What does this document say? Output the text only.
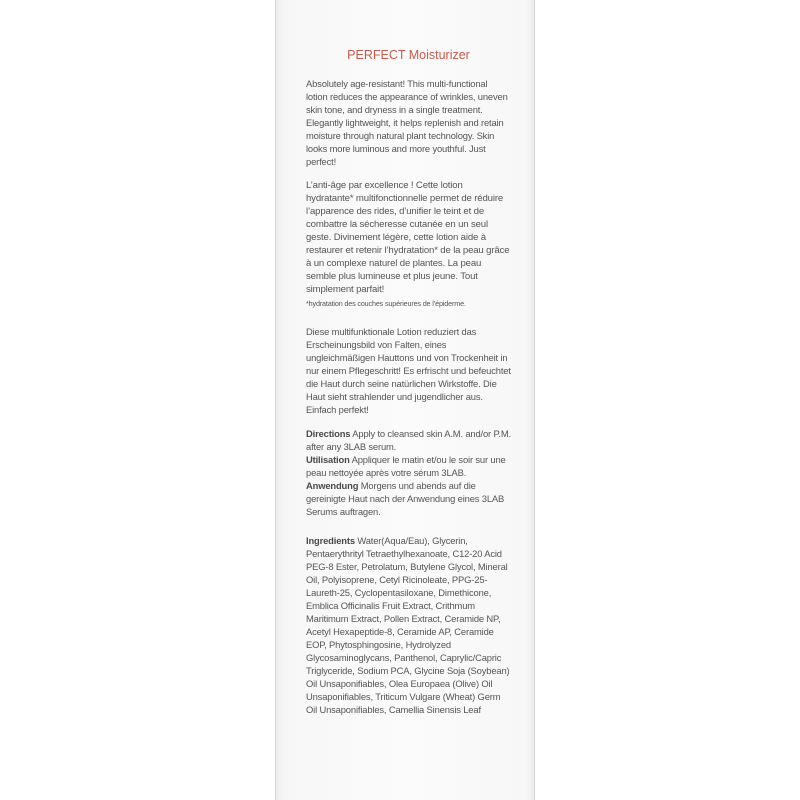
PERFECT Moisturizer

Absolutely age-resistant! This multi-functional lotion reduces the appearance of wrinkles, uneven skin tone, and dryness in a single treatment. Elegantly lightweight, it helps replenish and retain moisture through natural plant technology. Skin looks more luminous and more youthful. Just perfect!

L’anti-âge par excellence ! Cette lotion hydratante* multifonctionnelle permet de réduire l’apparence des rides, d’unifier le teint et de combattre la sécheresse cutanée en un seul geste. Divinement légère, cette lotion aide à restaurer et retenir l’hydratation* de la peau grâce à un complexe naturel de plantes. La peau semble plus lumineuse et plus jeune. Tout simplement parfait!

*hydratation des couches supérieures de l’épiderme.

Diese multifunktionale Lotion reduziert das Erscheinungsbild von Falten, eines ungleichmäßigen Hauttons und von Trockenheit in nur einem Pflegeschritt! Es erfrischt und befeuchtet die Haut durch seine natürlichen Wirkstoffe. Die Haut sieht strahlender und jugendlicher aus. Einfach perfekt!

Directions Apply to cleansed skin A.M. and/or P.M. after any 3LAB serum.

Utilisation Appliquer le matin et/ou le soir sur une peau nettoyée après votre sérum 3LAB.

Anwendung Morgens und abends auf die gereinigte Haut nach der Anwendung eines 3LAB Serums auftragen.

Ingredients Water(Aqua/Eau), Glycerin, Pentaerythrityl Tetraethylhexanoate, C12-20 Acid PEG-8 Ester, Petrolatum, Butylene Glycol, Mineral Oil, Polyisoprene, Cetyl Ricinoleate, PPG-25-Laureth-25, Cyclopentasiloxane, Dimethicone, Emblica Officinalis Fruit Extract, Crithmum Maritimum Extract, Pollen Extract, Ceramide NP, Acetyl Hexapeptide-8, Ceramide AP, Ceramide EOP, Phytosphingosine, Hydrolyzed Glycosaminoglycans, Panthenol, Caprylic/Capric Triglyceride, Sodium PCA, Glycine Soja (Soybean) Oil Unsaponifiables, Olea Europaea (Olive) Oil Unsaponifiables, Triticum Vulgare (Wheat) Germ Oil Unsaponifiables, Camellia Sinensis Leaf
